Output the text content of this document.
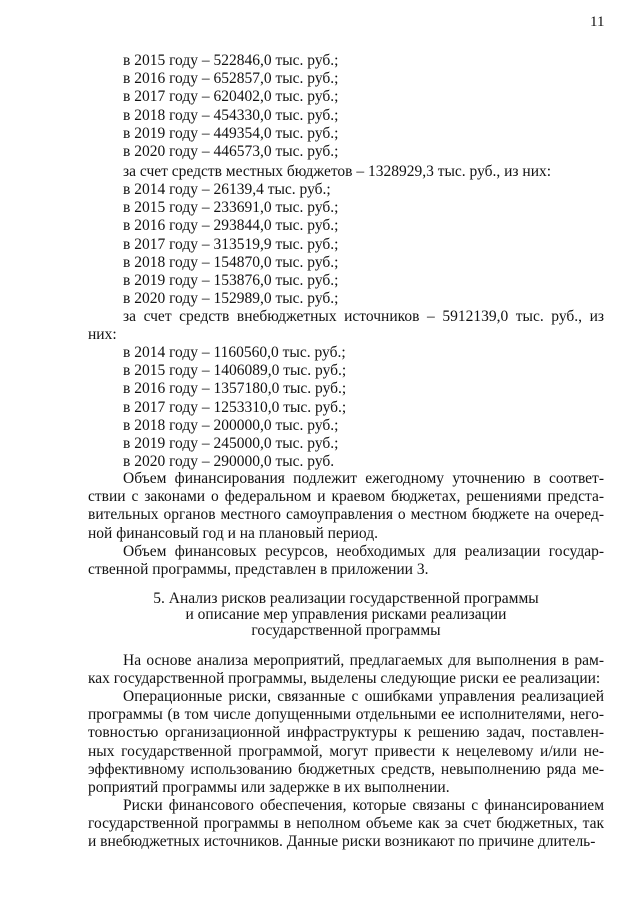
11
в 2015 году – 522846,0 тыс. руб.;
в 2016 году – 652857,0 тыс. руб.;
в 2017 году – 620402,0 тыс. руб.;
в 2018 году – 454330,0 тыс. руб.;
в 2019 году – 449354,0 тыс. руб.;
в 2020 году – 446573,0 тыс. руб.;
за счет средств местных бюджетов – 1328929,3 тыс. руб., из них:
в 2014 году – 26139,4 тыс. руб.;
в 2015 году – 233691,0 тыс. руб.;
в 2016 году – 293844,0 тыс. руб.;
в 2017 году – 313519,9 тыс. руб.;
в 2018 году – 154870,0 тыс. руб.;
в 2019 году – 153876,0 тыс. руб.;
в 2020 году – 152989,0 тыс. руб.;
за счет средств внебюджетных источников – 5912139,0 тыс. руб., из
них:
в 2014 году – 1160560,0 тыс. руб.;
в 2015 году – 1406089,0 тыс. руб.;
в 2016 году – 1357180,0 тыс. руб.;
в 2017 году – 1253310,0 тыс. руб.;
в 2018 году – 200000,0 тыс. руб.;
в 2019 году – 245000,0 тыс. руб.;
в 2020 году – 290000,0 тыс. руб.
Объем финансирования подлежит ежегодному уточнению в соответ-
ствии с законами о федеральном и краевом бюджетах, решениями предста-
вительных органов местного самоуправления о местном бюджете на очеред-
ной финансовый год и на плановый период.
Объем финансовых ресурсов, необходимых для реализации государ-
ственной программы, представлен в приложении 3.
5. Анализ рисков реализации государственной программы
и описание мер управления рисками реализации
государственной программы
На основе анализа мероприятий, предлагаемых для выполнения в рам-
ках государственной программы, выделены следующие риски ее реализации:
Операционные риски, связанные с ошибками управления реализацией
программы (в том числе допущенными отдельными ее исполнителями, него-
товностью организационной инфраструктуры к решению задач, поставлен-
ных государственной программой, могут привести к нецелевому и/или не-
эффективному использованию бюджетных средств, невыполнению ряда ме-
роприятий программы или задержке в их выполнении.
Риски финансового обеспечения, которые связаны с финансированием
государственной программы в неполном объеме как за счет бюджетных, так
и внебюджетных источников. Данные риски возникают по причине длитель-
